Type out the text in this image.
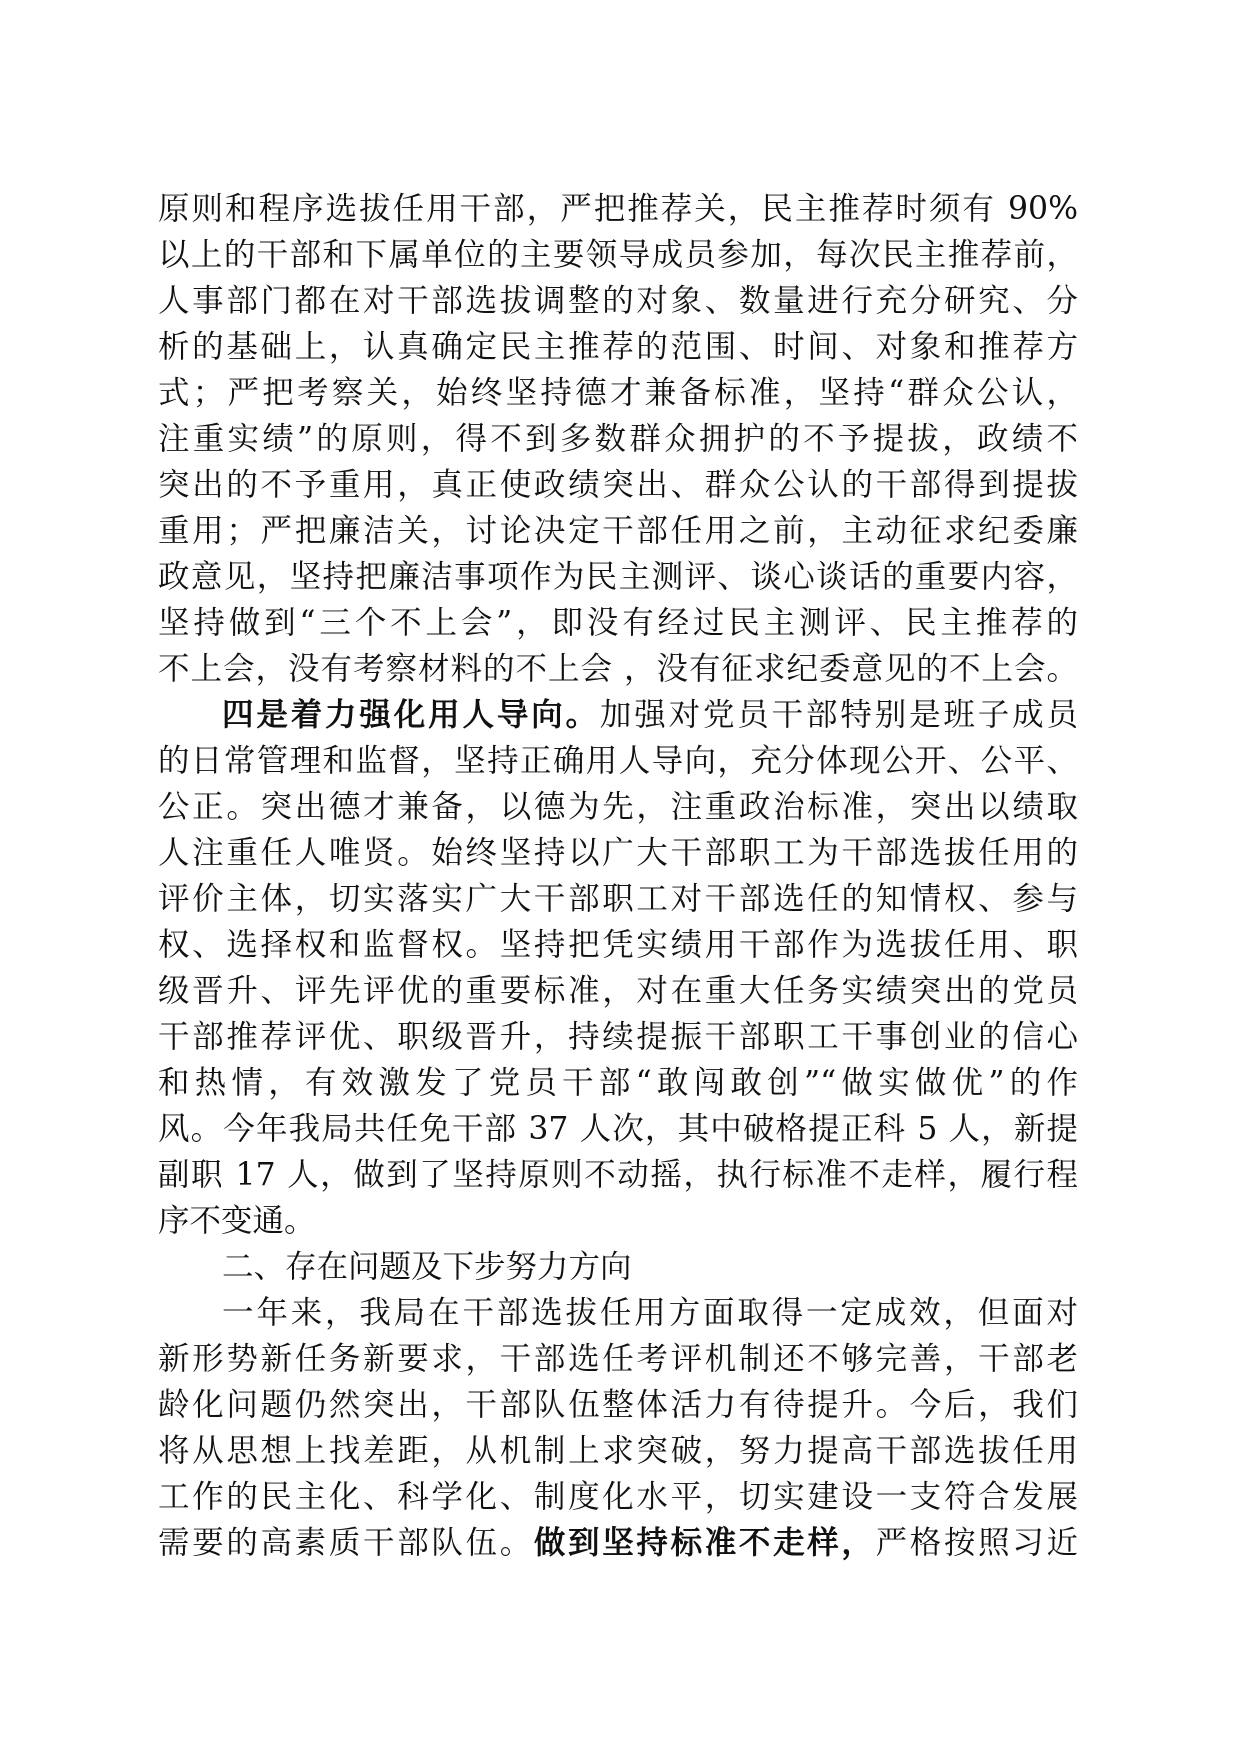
原则和程序选拔任用干部，严把推荐关，民主推荐时须有 90%
以上的干部和下属单位的主要领导成员参加，每次民主推荐前，
人事部门都在对干部选拔调整的对象、数量进行充分研究、分
析的基础上，认真确定民主推荐的范围、时间、对象和推荐方
式；严把考察关，始终坚持德才兼备标准，坚持“群众公认，
注重实绩”的原则，得不到多数群众拥护的不予提拔，政绩不
突出的不予重用，真正使政绩突出、群众公认的干部得到提拔
重用；严把廉洁关，讨论决定干部任用之前，主动征求纪委廉
政意见，坚持把廉洁事项作为民主测评、谈心谈话的重要内容，
坚持做到“三个不上会”，即没有经过民主测评、民主推荐的
不上会，没有考察材料的不上会 ，没有征求纪委意见的不上会。
四是着力强化用人导向。加强对党员干部特别是班子成员
的日常管理和监督，坚持正确用人导向，充分体现公开、公平、
公正。突出德才兼备，以德为先，注重政治标准，突出以绩取
人注重任人唯贤。始终坚持以广大干部职工为干部选拔任用的
评价主体，切实落实广大干部职工对干部选任的知情权、参与
权、选择权和监督权。坚持把凭实绩用干部作为选拔任用、职
级晋升、评先评优的重要标准，对在重大任务实绩突出的党员
干部推荐评优、职级晋升，持续提振干部职工干事创业的信心
和热情，有效激发了党员干部“敢闯敢创”“做实做优”的作
风。今年我局共任免干部 37 人次，其中破格提正科 5 人，新提
副职 17 人，做到了坚持原则不动摇，执行标准不走样，履行程
序不变通。
二、存在问题及下步努力方向
一年来，我局在干部选拔任用方面取得一定成效，但面对
新形势新任务新要求，干部选任考评机制还不够完善，干部老
龄化问题仍然突出，干部队伍整体活力有待提升。今后，我们
将从思想上找差距，从机制上求突破，努力提高干部选拔任用
工作的民主化、科学化、制度化水平，切实建设一支符合发展
需要的高素质干部队伍。做到坚持标准不走样，严格按照习近
